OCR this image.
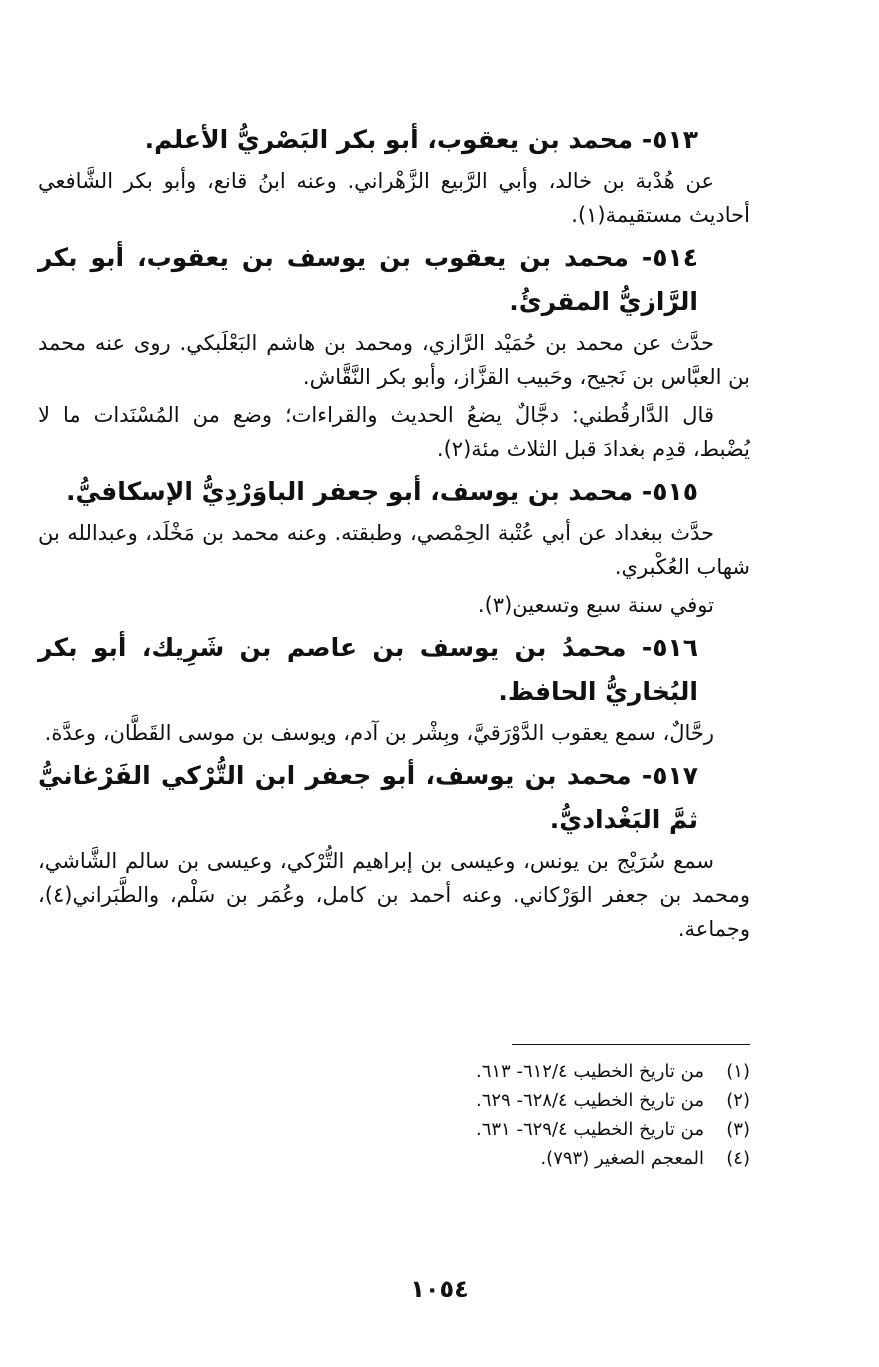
٥١٣- محمد بن يعقوب، أبو بكر البَصْريُّ الأعلم.

عن هُدْبة بن خالد، وأبي الرَّبيع الزَّهْراني. وعنه ابنُ قانع، وأبو بكر الشَّافعي أحاديث مستقيمة(١).

٥١٤- محمد بن يعقوب بن يوسف بن يعقوب، أبو بكر الرَّازيُّ المقرئُ.

حدَّث عن محمد بن حُمَيْد الرَّازي، ومحمد بن هاشم البَعْلَبكي. روى عنه محمد بن العبَّاس بن نَجيح، وحَبيب القزَّاز، وأبو بكر النَّقَّاش.

قال الدَّارقُطني: دجَّالٌ يضعُ الحديث والقراءات؛ وضع من المُسْنَدات ما لا يُضْبط، قدِم بغدادَ قبل الثلاث مئة(٢).

٥١٥- محمد بن يوسف، أبو جعفر الباوَرْدِيُّ الإسكافيُّ.

حدَّث ببغداد عن أبي عُتْبة الحِمْصي، وطبقته. وعنه محمد بن مَخْلَد، وعبدالله بن شهاب العُكْبري.

توفي سنة سبع وتسعين(٣).

٥١٦- محمدُ بن يوسف بن عاصم بن شَرِيك، أبو بكر البُخاريُّ الحافظ.

رحَّالٌ، سمع يعقوب الدَّوْرَقيَّ، وبِشْر بن آدم، ويوسف بن موسى القَطَّان، وعدَّة.

٥١٧- محمد بن يوسف، أبو جعفر ابن التُّرْكي الفَرْغانيُّ ثمَّ البَغْداديُّ.

سمع سُرَيْج بن يونس، وعيسى بن إبراهيم التُّرْكي، وعيسى بن سالم الشَّاشي، ومحمد بن جعفر الوَرْكاني. وعنه أحمد بن كامل، وعُمَر بن سَلْم، والطَّبَراني(٤)، وجماعة.

(١)
من تاريخ الخطيب ٦١٢/٤- ٦١٣.

(٢)
من تاريخ الخطيب ٦٢٨/٤- ٦٢٩.

(٣)
من تاريخ الخطيب ٦٢٩/٤- ٦٣١.

(٤)
المعجم الصغير (٧٩٣).

١٠٥٤
